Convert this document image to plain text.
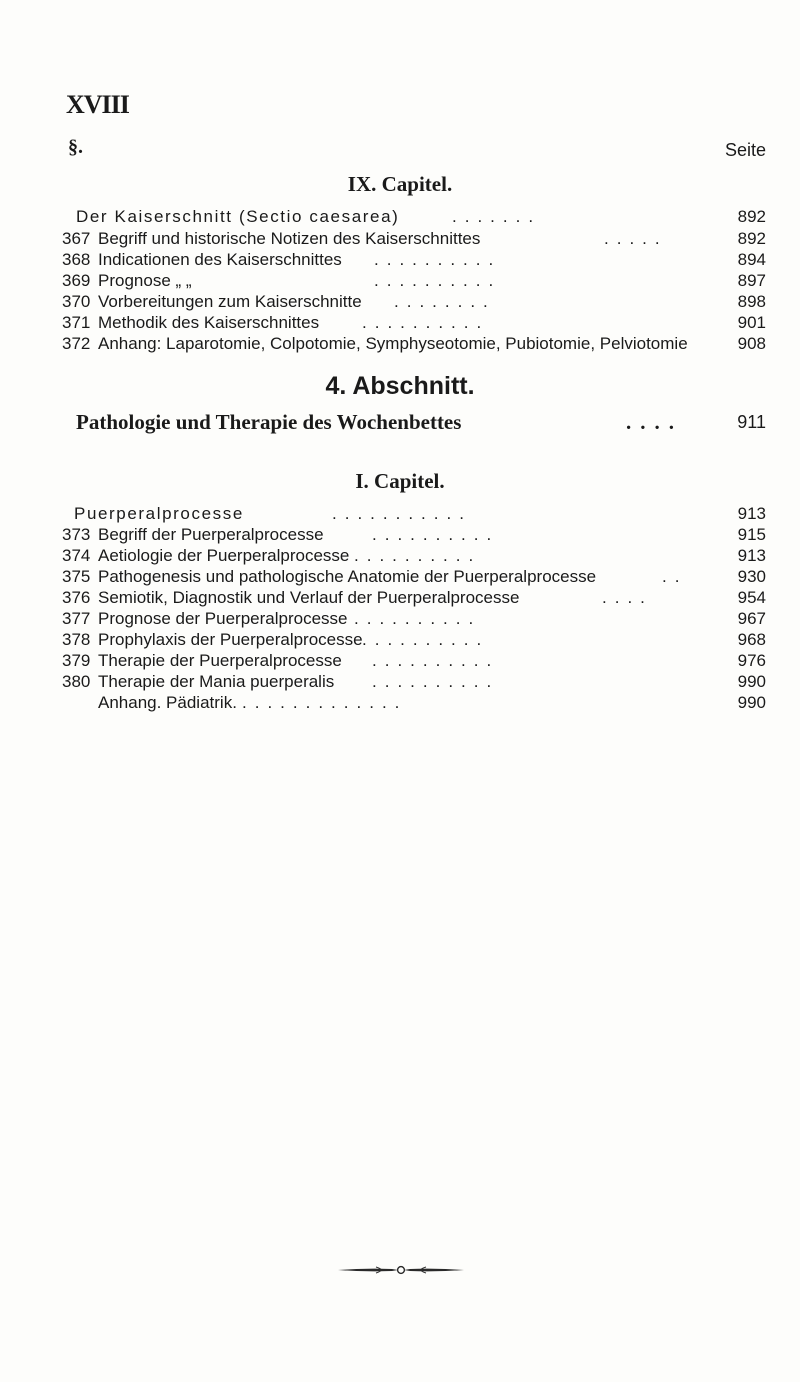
XVIII
§.	Seite
IX. Capitel.
Der Kaiserschnitt (Sectio caesarea)	.......	892
367 Begriff und historische Notizen des Kaiserschnittes	.....	892
368 Indicationen des Kaiserschnittes ..........	894
369 Prognose „ „	..........	897
370 Vorbereitungen zum Kaiserschnitte ........	898
371 Methodik des Kaiserschnittes	..........	901
372 Anhang: Laparotomie, Colpotomie, Symphyseotomie, Pubiotomie, Pelviotomie	908
4. Abschnitt.
Pathologie und Therapie des Wochenbettes	....	911
I. Capitel.
Puerperalprocesse	...........	913
373 Begriff der Puerperalprocesse	..........	915
374 Aetiologie der Puerperalprocesse ..........	913
375 Pathogenesis und pathologische Anatomie der Puerperalprocesse	..	930
376 Semiotik, Diagnostik und Verlauf der Puerperalprocesse	....	954
377 Prognose der Puerperalprocesse ..........	967
378 Prophylaxis der Puerperalprocesse ..........	968
379 Therapie der Puerperalprocesse ..........	976
380 Therapie der Mania puerperalis ..........	990
Anhang. Pädiatrik. .............	990
